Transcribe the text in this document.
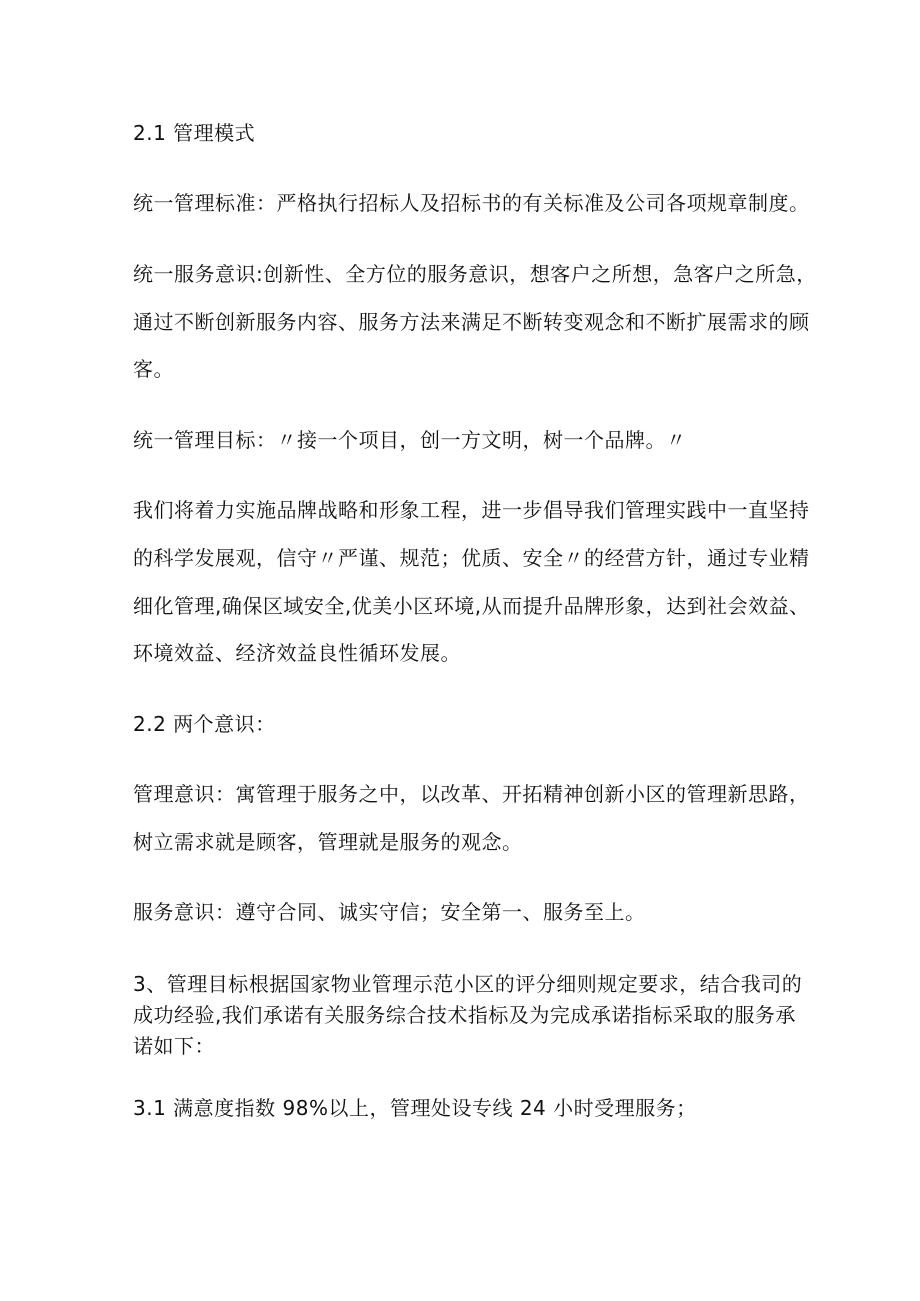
2.1 管理模式
统一管理标准：严格执行招标人及招标书的有关标准及公司各项规章制度。
统一服务意识:创新性、全方位的服务意识，想客户之所想，急客户之所急，
通过不断创新服务内容、服务方法来满足不断转变观念和不断扩展需求的顾
客。
统一管理目标：〃接一个项目，创一方文明，树一个品牌。〃
我们将着力实施品牌战略和形象工程，进一步倡导我们管理实践中一直坚持
的科学发展观，信守〃严谨、规范；优质、安全〃的经营方针，通过专业精
细化管理,确保区域安全,优美小区环境,从而提升品牌形象，达到社会效益、
环境效益、经济效益良性循环发展。
2.2 两个意识：
管理意识：寓管理于服务之中，以改革、开拓精神创新小区的管理新思路，
树立需求就是顾客，管理就是服务的观念。
服务意识：遵守合同、诚实守信；安全第一、服务至上。
3、管理目标根据国家物业管理示范小区的评分细则规定要求，结合我司的
成功经验,我们承诺有关服务综合技术指标及为完成承诺指标采取的服务承
诺如下：
3.1 满意度指数 98%以上，管理处设专线 24 小时受理服务；
